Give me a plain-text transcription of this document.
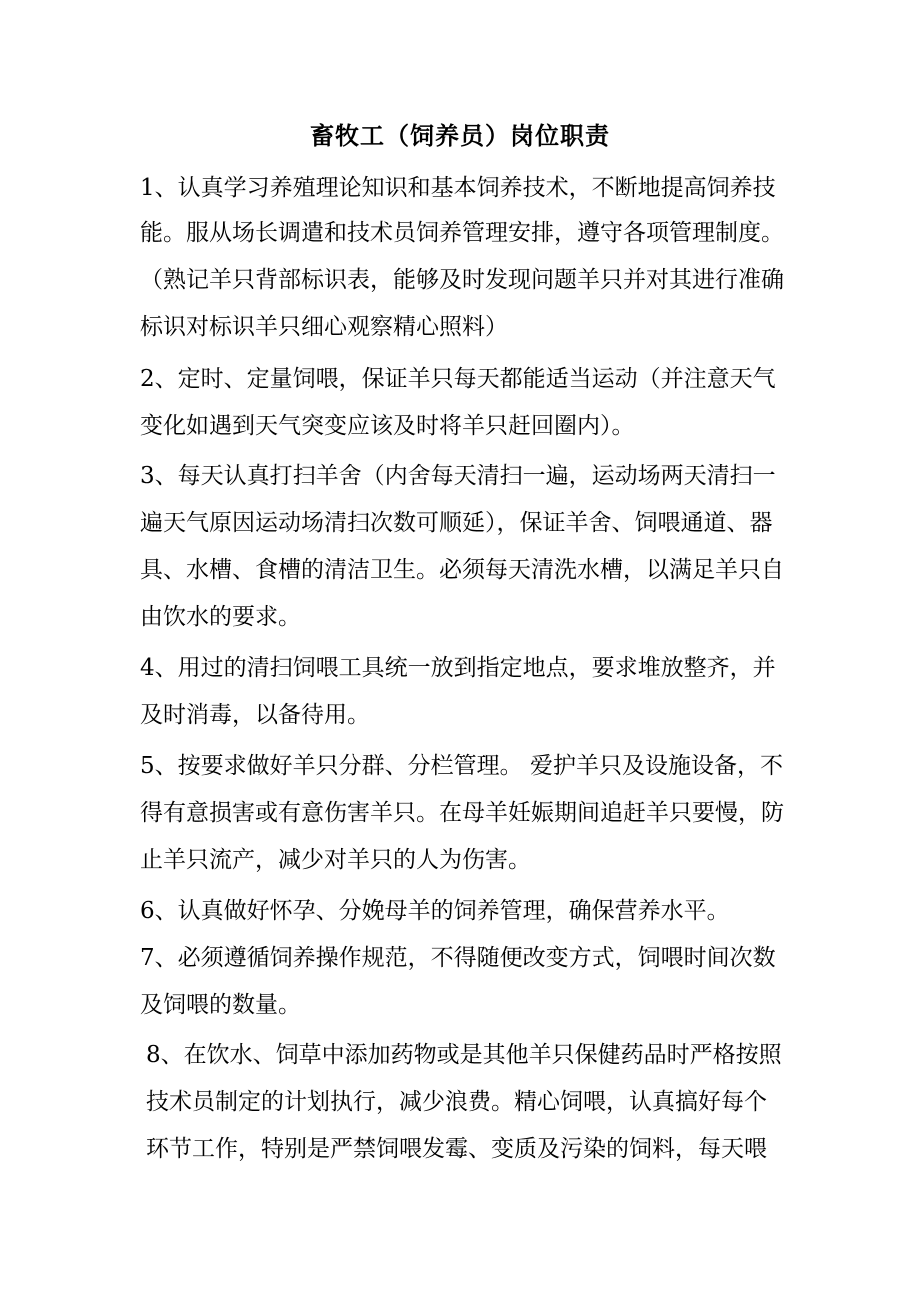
畜牧工（饲养员）岗位职责

1、认真学习养殖理论知识和基本饲养技术，不断地提高饲养技

能。服从场长调遣和技术员饲养管理安排，遵守各项管理制度。

（熟记羊只背部标识表，能够及时发现问题羊只并对其进行准确

标识对标识羊只细心观察精心照料）

2、定时、定量饲喂，保证羊只每天都能适当运动（并注意天气

变化如遇到天气突变应该及时将羊只赶回圈内）。

3、每天认真打扫羊舍（内舍每天清扫一遍，运动场两天清扫一

遍天气原因运动场清扫次数可顺延），保证羊舍、饲喂通道、器

具、水槽、食槽的清洁卫生。必须每天清洗水槽，以满足羊只自

由饮水的要求。

4、用过的清扫饲喂工具统一放到指定地点，要求堆放整齐，并

及时消毒，以备待用。

5、按要求做好羊只分群、分栏管理。 爱护羊只及设施设备，不

得有意损害或有意伤害羊只。在母羊妊娠期间追赶羊只要慢，防

止羊只流产，减少对羊只的人为伤害。

6、认真做好怀孕、分娩母羊的饲养管理，确保营养水平。

7、必须遵循饲养操作规范，不得随便改变方式，饲喂时间次数

及饲喂的数量。

8、在饮水、饲草中添加药物或是其他羊只保健药品时严格按照

技术员制定的计划执行，减少浪费。精心饲喂，认真搞好每个

环节工作，特别是严禁饲喂发霉、变质及污染的饲料，每天喂
